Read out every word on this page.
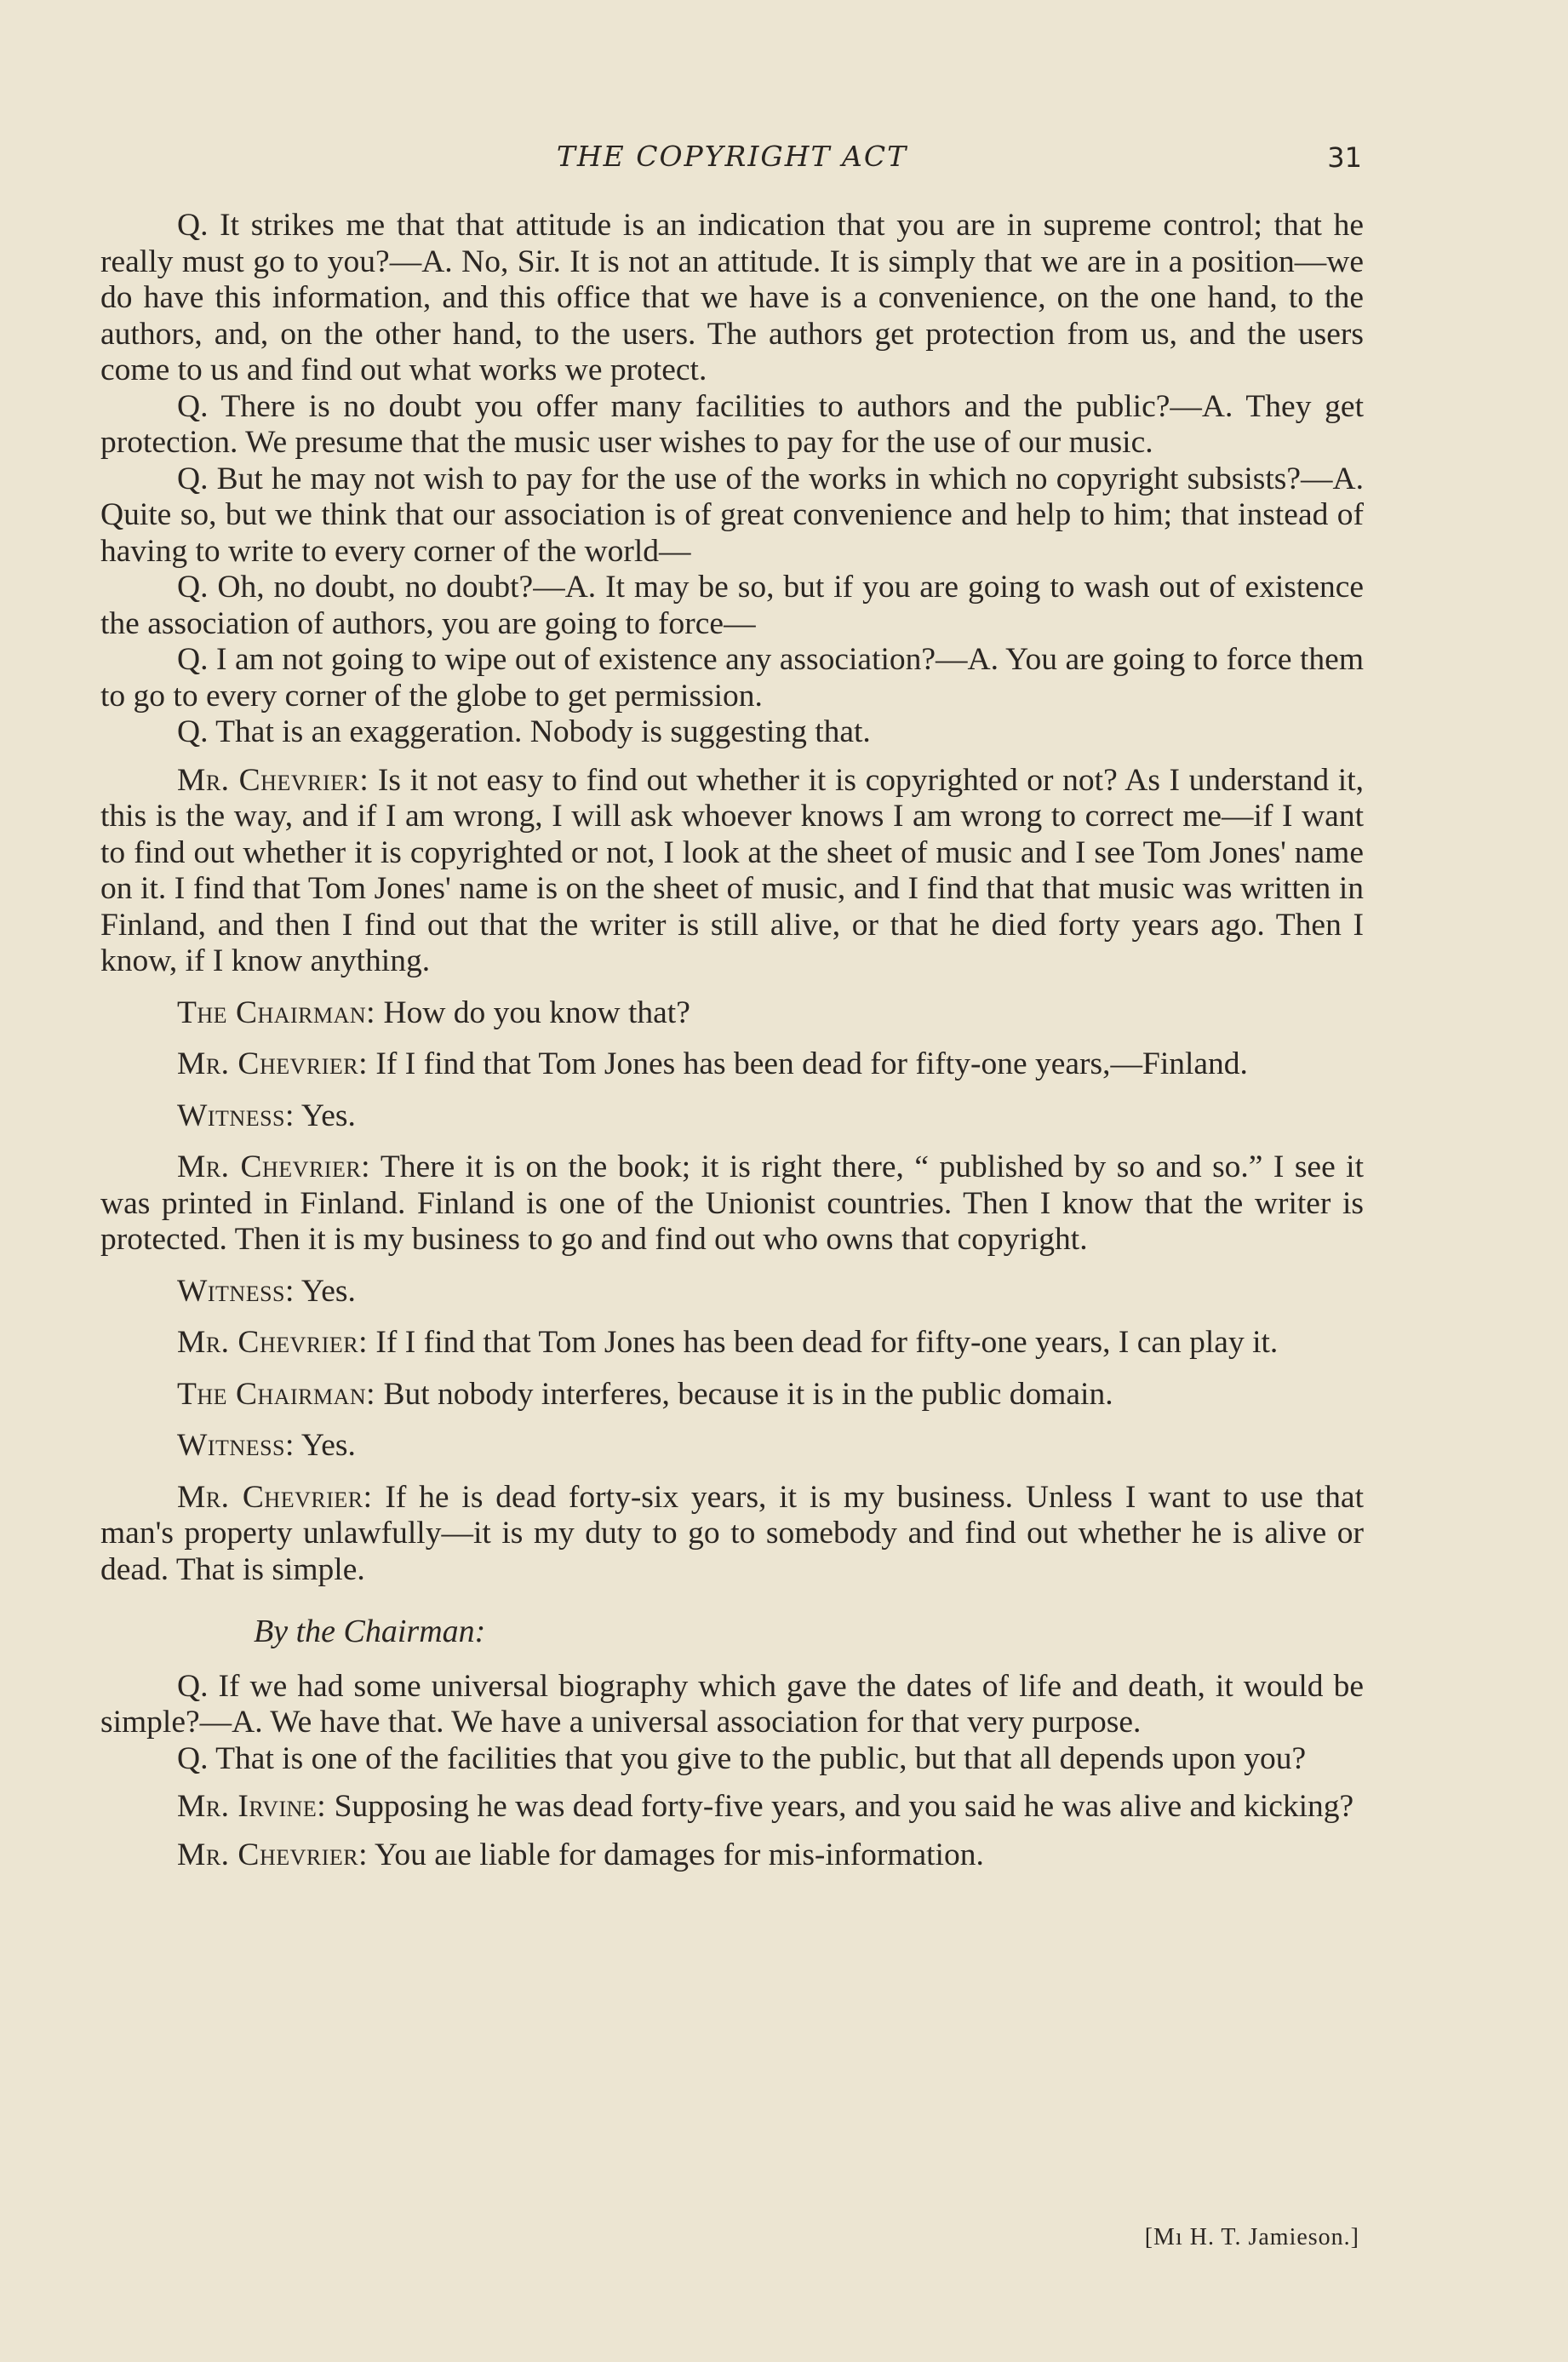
THE COPYRIGHT ACT	31

Q. It strikes me that that attitude is an indication that you are in supreme control; that he really must go to you?—A. No, Sir. It is not an attitude. It is simply that we are in a position—we do have this information, and this office that we have is a convenience, on the one hand, to the authors, and, on the other hand, to the users. The authors get protection from us, and the users come to us and find out what works we protect.

Q. There is no doubt you offer many facilities to authors and the public?—A. They get protection. We presume that the music user wishes to pay for the use of our music.

Q. But he may not wish to pay for the use of the works in which no copyright subsists?—A. Quite so, but we think that our association is of great convenience and help to him; that instead of having to write to every corner of the world—

Q. Oh, no doubt, no doubt?—A. It may be so, but if you are going to wash out of existence the association of authors, you are going to force—

Q. I am not going to wipe out of existence any association?—A. You are going to force them to go to every corner of the globe to get permission.

Q. That is an exaggeration. Nobody is suggesting that.

Mr. Chevrier: Is it not easy to find out whether it is copyrighted or not? As I understand it, this is the way, and if I am wrong, I will ask whoever knows I am wrong to correct me—if I want to find out whether it is copyrighted or not, I look at the sheet of music and I see Tom Jones' name on it. I find that Tom Jones' name is on the sheet of music, and I find that that music was written in Finland, and then I find out that the writer is still alive, or that he died forty years ago. Then I know, if I know anything.

The Chairman: How do you know that?

Mr. Chevrier: If I find that Tom Jones has been dead for fifty-one years,—Finland.

Witness: Yes.

Mr. Chevrier: There it is on the book; it is right there, “ published by so and so.” I see it was printed in Finland. Finland is one of the Unionist countries. Then I know that the writer is protected. Then it is my business to go and find out who owns that copyright.

Witness: Yes.

Mr. Chevrier: If I find that Tom Jones has been dead for fifty-one years, I can play it.

The Chairman: But nobody interferes, because it is in the public domain.

Witness: Yes.

Mr. Chevrier: If he is dead forty-six years, it is my business. Unless I want to use that man's property unlawfully—it is my duty to go to somebody and find out whether he is alive or dead. That is simple.

By the Chairman:

Q. If we had some universal biography which gave the dates of life and death, it would be simple?—A. We have that. We have a universal association for that very purpose.

Q. That is one of the facilities that you give to the public, but that all depends upon you?

Mr. Irvine: Supposing he was dead forty-five years, and you said he was alive and kicking?

Mr. Chevrier: You aıe liable for damages for mis-information.

[Mı H. T. Jamieson.]
